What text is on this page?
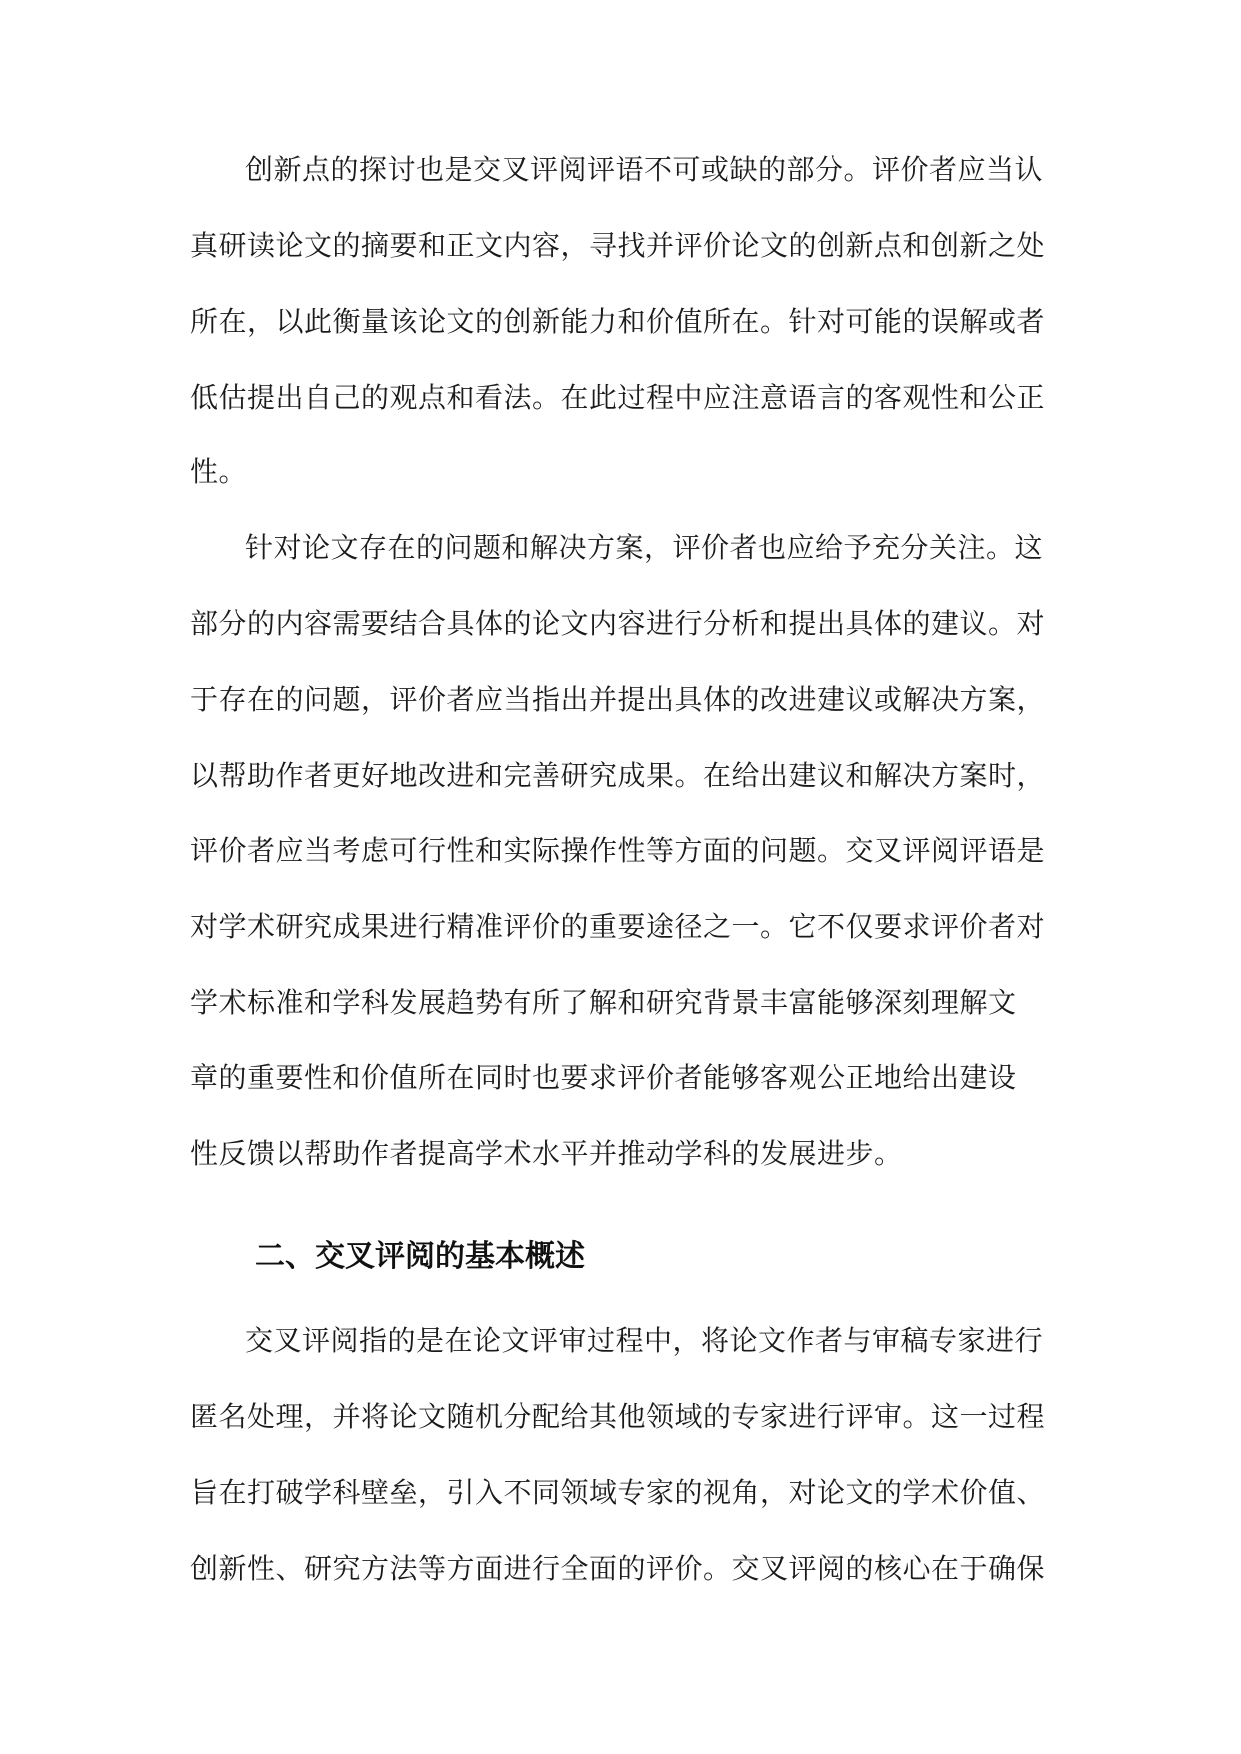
创新点的探讨也是交叉评阅评语不可或缺的部分。评价者应当认
真研读论文的摘要和正文内容，寻找并评价论文的创新点和创新之处
所在，以此衡量该论文的创新能力和价值所在。针对可能的误解或者
低估提出自己的观点和看法。在此过程中应注意语言的客观性和公正
性。
针对论文存在的问题和解决方案，评价者也应给予充分关注。这
部分的内容需要结合具体的论文内容进行分析和提出具体的建议。对
于存在的问题，评价者应当指出并提出具体的改进建议或解决方案，
以帮助作者更好地改进和完善研究成果。在给出建议和解决方案时，
评价者应当考虑可行性和实际操作性等方面的问题。交叉评阅评语是
对学术研究成果进行精准评价的重要途径之一。它不仅要求评价者对
学术标准和学科发展趋势有所了解和研究背景丰富能够深刻理解文
章的重要性和价值所在同时也要求评价者能够客观公正地给出建设
性反馈以帮助作者提高学术水平并推动学科的发展进步。
二、交叉评阅的基本概述
交叉评阅指的是在论文评审过程中，将论文作者与审稿专家进行
匿名处理，并将论文随机分配给其他领域的专家进行评审。这一过程
旨在打破学科壁垒，引入不同领域专家的视角，对论文的学术价值、
创新性、研究方法等方面进行全面的评价。交叉评阅的核心在于确保
